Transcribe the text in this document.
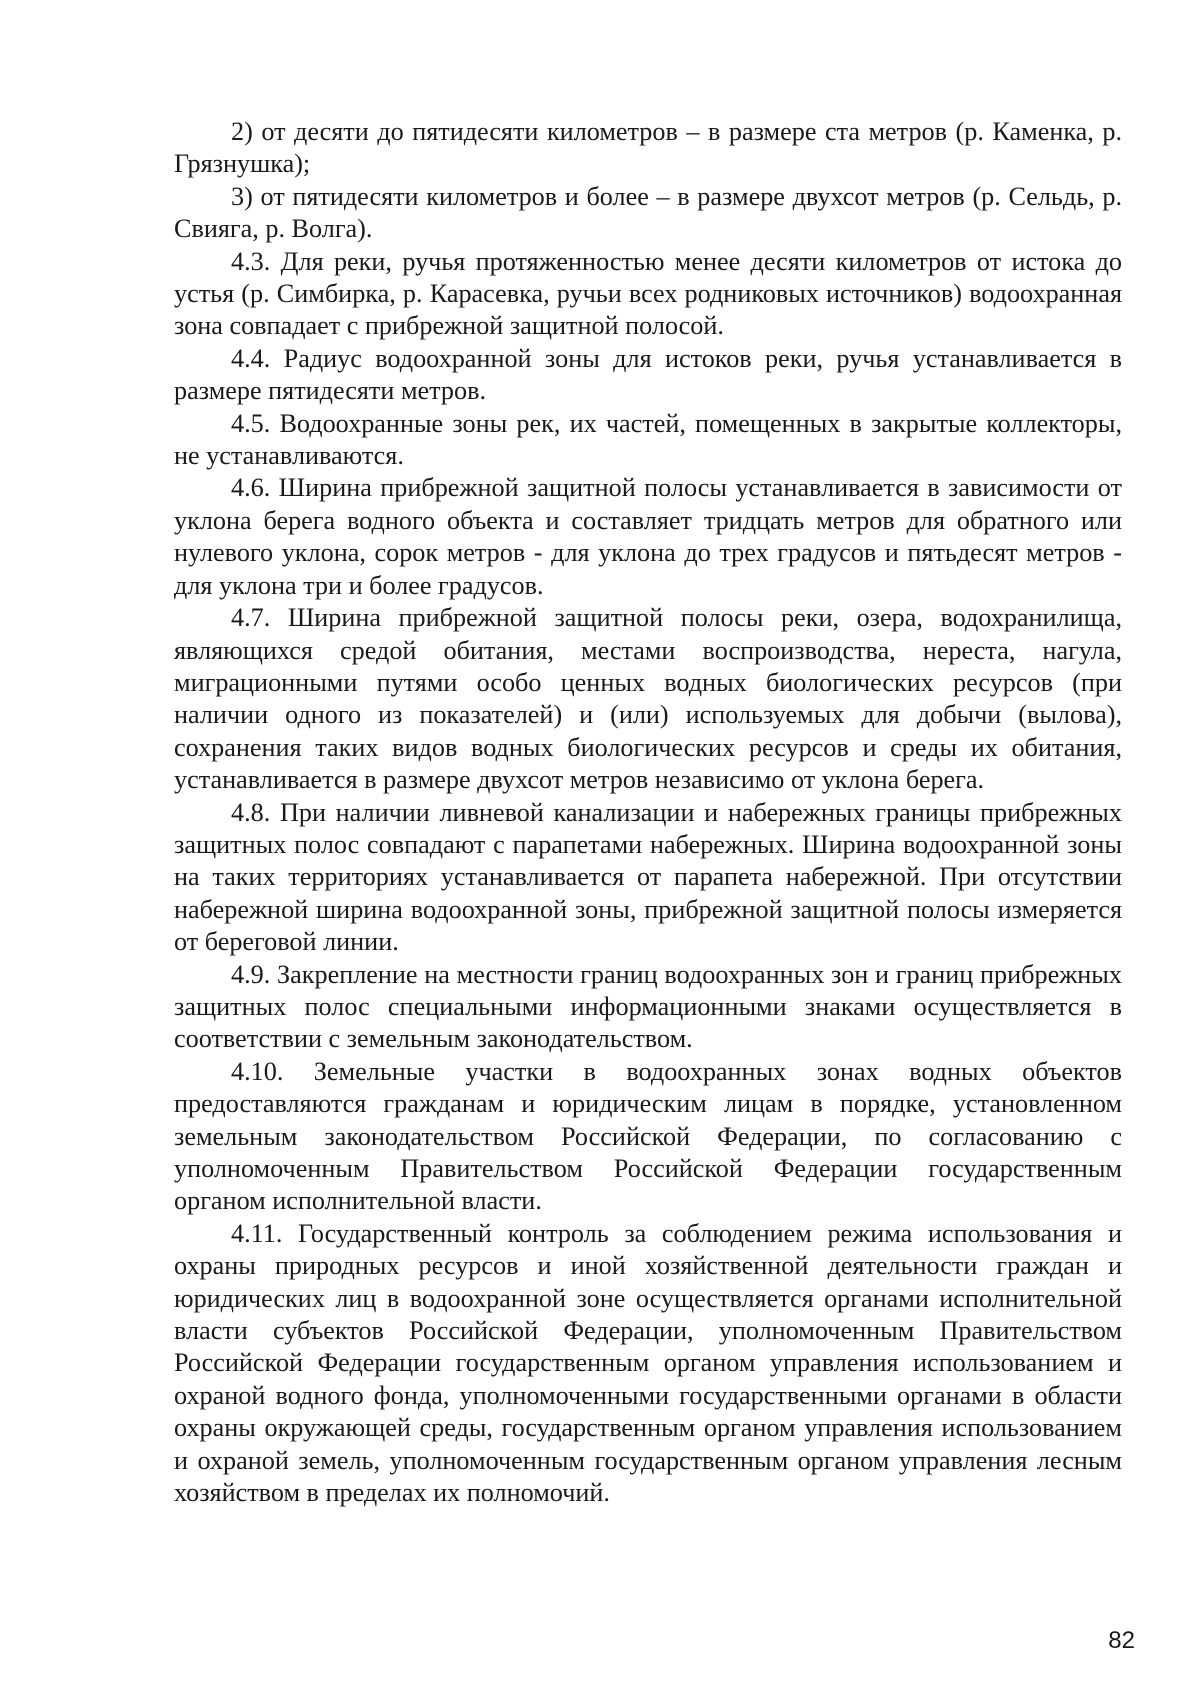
2) от десяти до пятидесяти километров – в размере ста метров (р. Каменка, р. Грязнушка);

3) от пятидесяти километров и более – в размере двухсот метров (р. Сельдь, р. Свияга, р. Волга).

4.3. Для реки, ручья протяженностью менее десяти километров от истока до устья (р. Симбирка, р. Карасевка, ручьи всех родниковых источников) водоохранная зона совпадает с прибрежной защитной полосой.

4.4. Радиус водоохранной зоны для истоков реки, ручья устанавливается в размере пятидесяти метров.

4.5. Водоохранные зоны рек, их частей, помещенных в закрытые коллекторы, не устанавливаются.

4.6. Ширина прибрежной защитной полосы устанавливается в зависимости от уклона берега водного объекта и составляет тридцать метров для обратного или нулевого уклона, сорок метров - для уклона до трех градусов и пятьдесят метров - для уклона три и более градусов.

4.7. Ширина прибрежной защитной полосы реки, озера, водохранилища, являющихся средой обитания, местами воспроизводства, нереста, нагула, миграционными путями особо ценных водных биологических ресурсов (при наличии одного из показателей) и (или) используемых для добычи (вылова), сохранения таких видов водных биологических ресурсов и среды их обитания, устанавливается в размере двухсот метров независимо от уклона берега.

4.8. При наличии ливневой канализации и набережных границы прибрежных защитных полос совпадают с парапетами набережных. Ширина водоохранной зоны на таких территориях устанавливается от парапета набережной. При отсутствии набережной ширина водоохранной зоны, прибрежной защитной полосы измеряется от береговой линии.

4.9. Закрепление на местности границ водоохранных зон и границ прибрежных защитных полос специальными информационными знаками осуществляется в соответствии с земельным законодательством.

4.10. Земельные участки в водоохранных зонах водных объектов предоставляются гражданам и юридическим лицам в порядке, установленном земельным законодательством Российской Федерации, по согласованию с уполномоченным Правительством Российской Федерации государственным органом исполнительной власти.

4.11. Государственный контроль за соблюдением режима использования и охраны природных ресурсов и иной хозяйственной деятельности граждан и юридических лиц в водоохранной зоне осуществляется органами исполнительной власти субъектов Российской Федерации, уполномоченным Правительством Российской Федерации государственным органом управления использованием и охраной водного фонда, уполномоченными государственными органами в области охраны окружающей среды, государственным органом управления использованием и охраной земель, уполномоченным государственным органом управления лесным хозяйством в пределах их полномочий.

82
